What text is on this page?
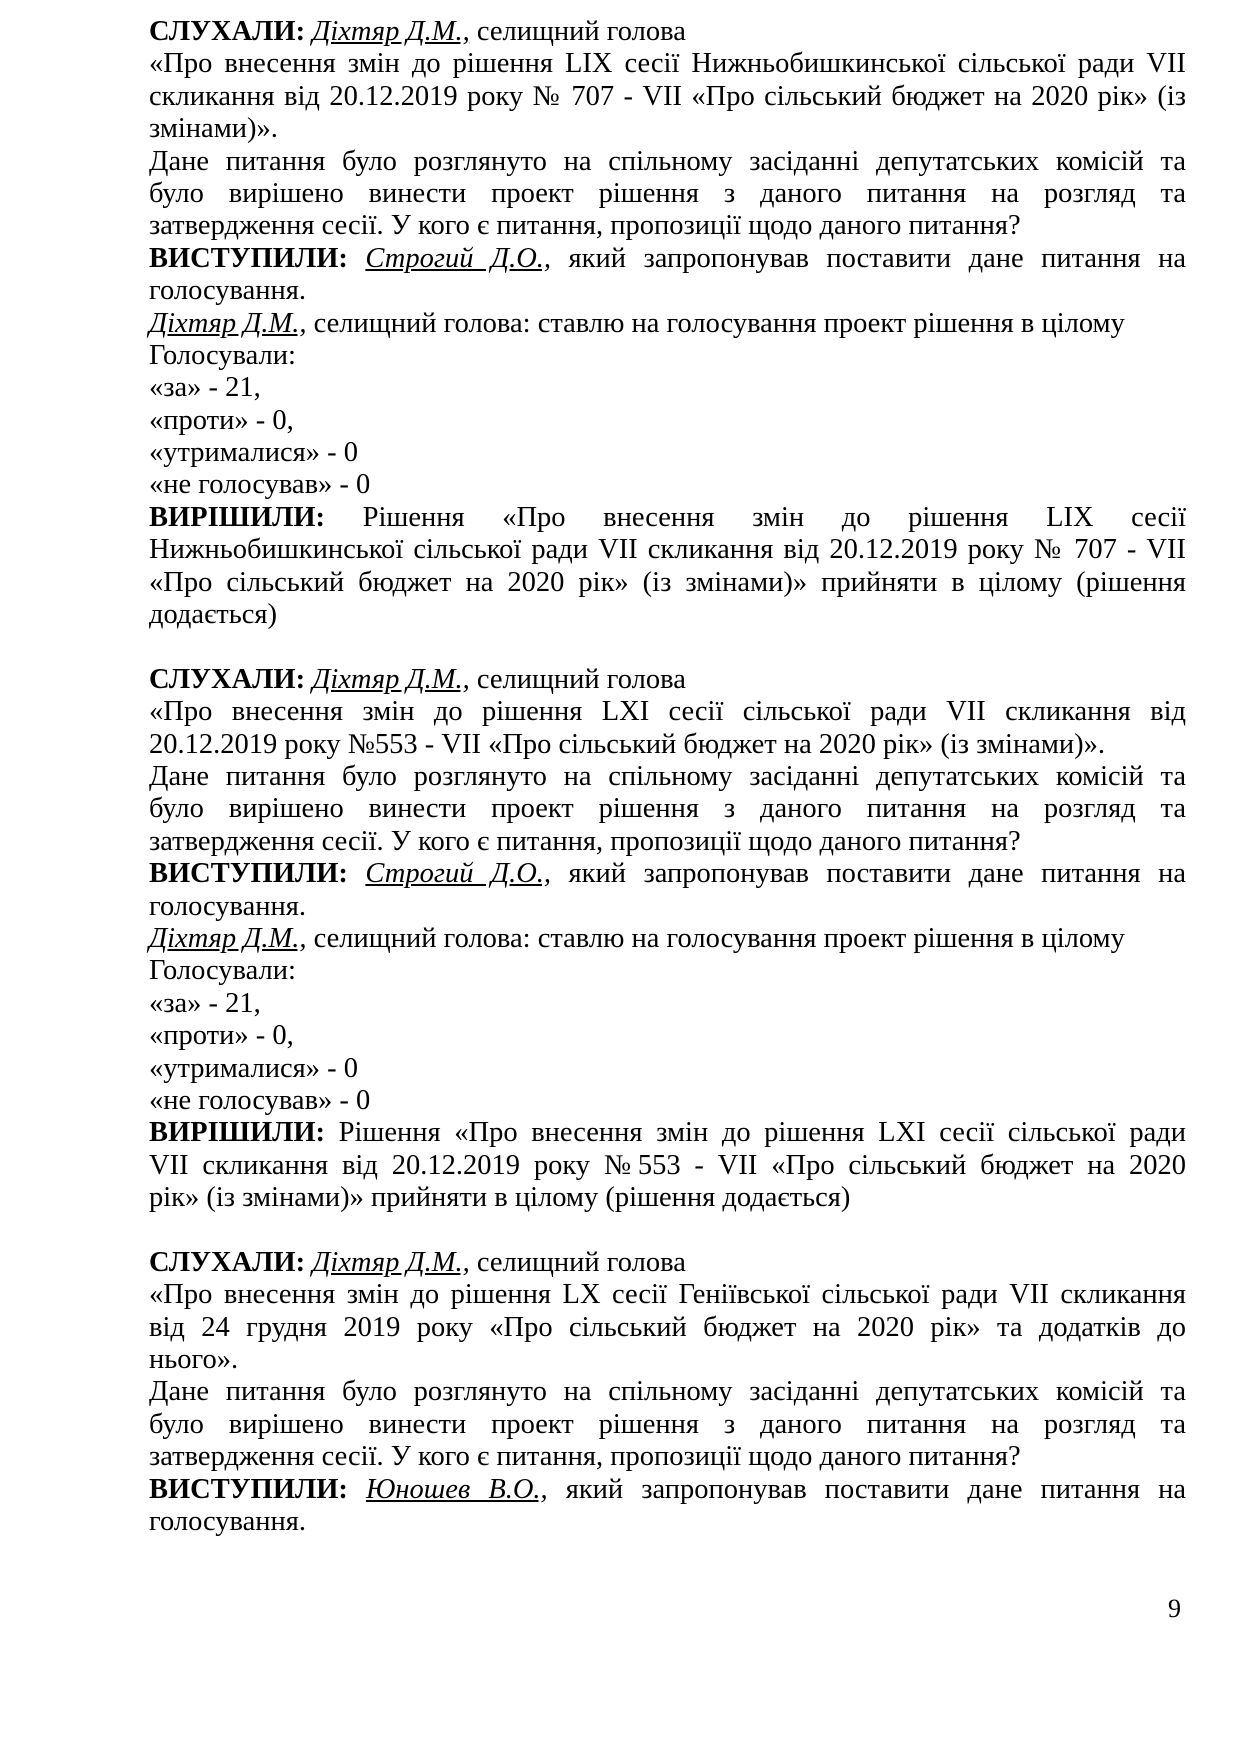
СЛУХАЛИ: Діхтяр Д.М., селищний голова
«Про внесення змін до рішення LIX сесії Нижньобишкинської сільської ради VII
скликання від 20.12.2019 року № 707 - VII «Про сільський бюджет на 2020 рік» (із
змінами)».
Дане питання було розглянуто на спільному засіданні депутатських комісій та
було вирішено винести проект рішення з даного питання на розгляд та
затвердження сесії. У кого є питання, пропозиції щодо даного питання?
ВИСТУПИЛИ: Строгий Д.О., який запропонував поставити дане питання на
голосування.
Діхтяр Д.М., селищний голова: ставлю на голосування проект рішення в цілому
Голосували:
«за» - 21,
«проти» - 0,
«утрималися» - 0
«не голосував» - 0
ВИРІШИЛИ: Рішення «Про внесення змін до рішення LIX сесії
Нижньобишкинської сільської ради VII скликання від 20.12.2019 року № 707 - VII
«Про сільський бюджет на 2020 рік» (із змінами)» прийняти в цілому (рішення
додається)
СЛУХАЛИ: Діхтяр Д.М., селищний голова
«Про внесення змін до рішення LXI сесії сільської ради VII скликання від
20.12.2019 року №553 - VII «Про сільський бюджет на 2020 рік» (із змінами)».
Дане питання було розглянуто на спільному засіданні депутатських комісій та
було вирішено винести проект рішення з даного питання на розгляд та
затвердження сесії. У кого є питання, пропозиції щодо даного питання?
ВИСТУПИЛИ: Строгий Д.О., який запропонував поставити дане питання на
голосування.
Діхтяр Д.М., селищний голова: ставлю на голосування проект рішення в цілому
Голосували:
«за» - 21,
«проти» - 0,
«утрималися» - 0
«не голосував» - 0
ВИРІШИЛИ: Рішення «Про внесення змін до рішення LXI сесії сільської ради
VII скликання від 20.12.2019 року №553 - VII «Про сільський бюджет на 2020
рік» (із змінами)» прийняти в цілому (рішення додається)
СЛУХАЛИ: Діхтяр Д.М., селищний голова
«Про внесення змін до рішення LX сесії Геніївської сільської ради VII скликання
від 24 грудня 2019 року «Про сільський бюджет на 2020 рік» та додатків до
нього».
Дане питання було розглянуто на спільному засіданні депутатських комісій та
було вирішено винести проект рішення з даного питання на розгляд та
затвердження сесії. У кого є питання, пропозиції щодо даного питання?
ВИСТУПИЛИ: Юношев В.О., який запропонував поставити дане питання на
голосування.
9
